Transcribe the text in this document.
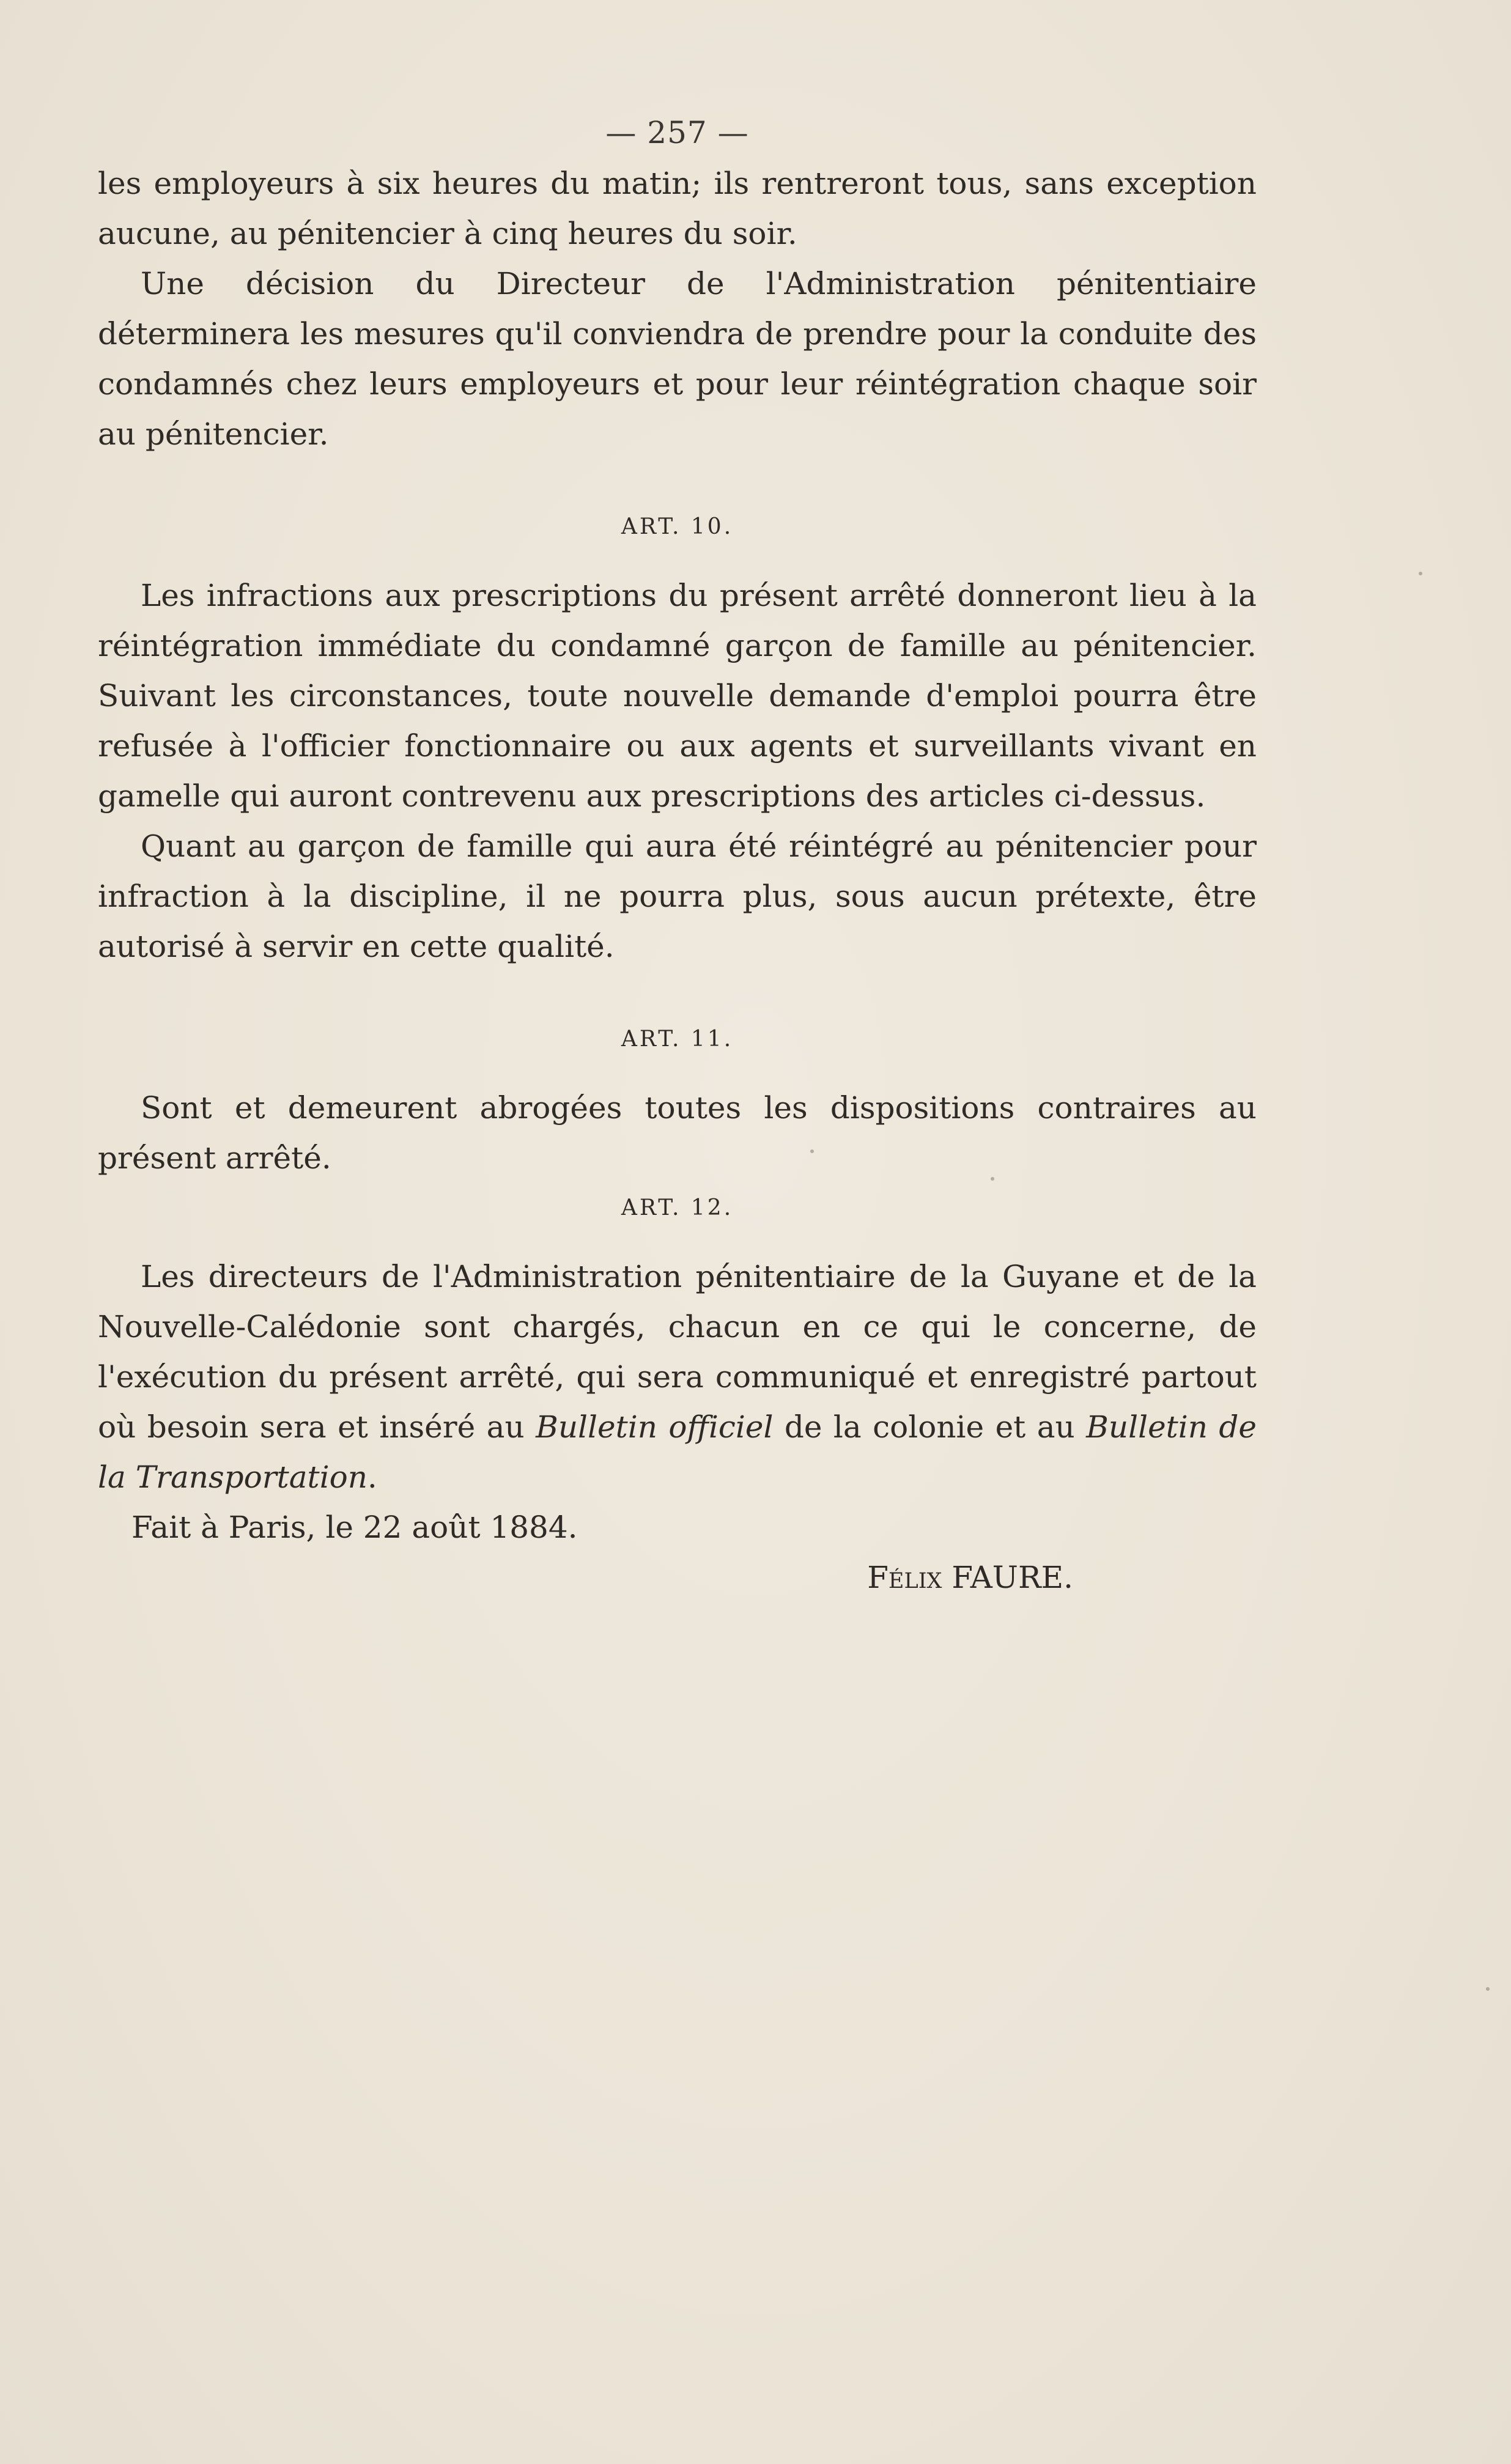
— 257 —

les employeurs à six heures du matin; ils rentreront tous, sans exception aucune, au pénitencier à cinq heures du soir.

Une décision du Directeur de l'Administration pénitentiaire déterminera les mesures qu'il conviendra de prendre pour la conduite des condamnés chez leurs employeurs et pour leur réintégration chaque soir au pénitencier.

ART. 10.

Les infractions aux prescriptions du présent arrêté donneront lieu à la réintégration immédiate du condamné garçon de famille au pénitencier. Suivant les circonstances, toute nouvelle demande d'emploi pourra être refusée à l'officier fonctionnaire ou aux agents et surveillants vivant en gamelle qui auront contrevenu aux prescriptions des articles ci-dessus.

Quant au garçon de famille qui aura été réintégré au pénitencier pour infraction à la discipline, il ne pourra plus, sous aucun prétexte, être autorisé à servir en cette qualité.

ART. 11.

Sont et demeurent abrogées toutes les dispositions contraires au présent arrêté.

ART. 12.

Les directeurs de l'Administration pénitentiaire de la Guyane et de la Nouvelle-Calédonie sont chargés, chacun en ce qui le concerne, de l'exécution du présent arrêté, qui sera communiqué et enregistré partout où besoin sera et inséré au Bulletin officiel de la colonie et au Bulletin de la Transportation.

Fait à Paris, le 22 août 1884.

Félix FAURE.
